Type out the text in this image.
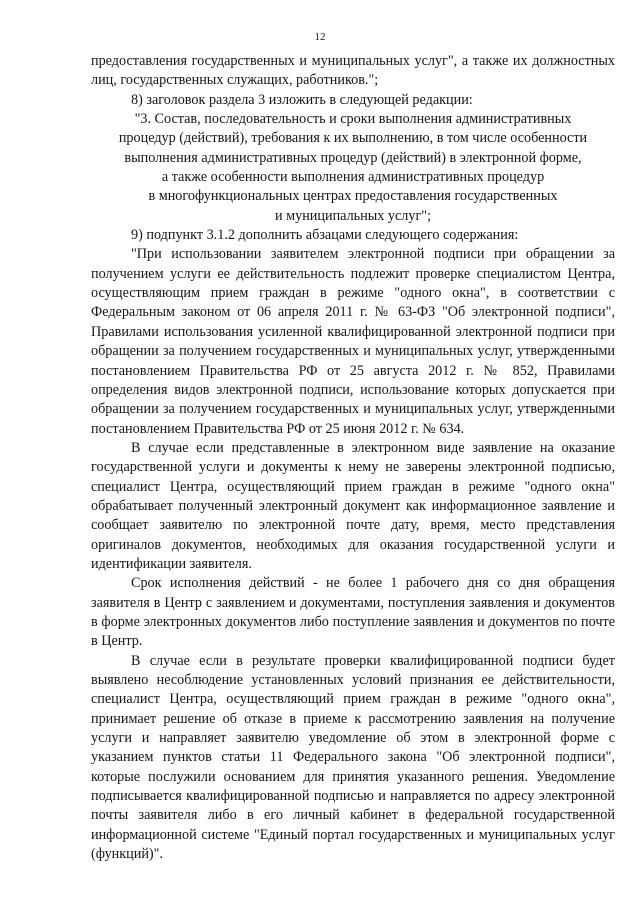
12

предоставления государственных и муниципальных услуг", а также их должностных лиц, государственных служащих, работников.";

8) заголовок раздела 3 изложить в следующей редакции:

"3. Состав, последовательность и сроки выполнения административных
процедур (действий), требования к их выполнению, в том числе особенности
выполнения административных процедур (действий) в электронной форме,
а также особенности выполнения административных процедур
в многофункциональных центрах предоставления государственных
и муниципальных услуг";

9) подпункт 3.1.2 дополнить абзацами следующего содержания:

"При использовании заявителем электронной подписи при обращении за получением услуги ее действительность подлежит проверке специалистом Центра, осуществляющим прием граждан в режиме "одного окна", в соответствии с Федеральным законом от 06 апреля 2011 г. № 63-ФЗ "Об электронной подписи", Правилами использования усиленной квалифицированной электронной подписи при обращении за получением государственных и муниципальных услуг, утвержденными постановлением Правительства РФ от 25 августа 2012 г. № 852, Правилами определения видов электронной подписи, использование которых допускается при обращении за получением государственных и муниципальных услуг, утвержденными постановлением Правительства РФ от 25 июня 2012 г. № 634.

В случае если представленные в электронном виде заявление на оказание государственной услуги и документы к нему не заверены электронной подписью, специалист Центра, осуществляющий прием граждан в режиме "одного окна" обрабатывает полученный электронный документ как информационное заявление и сообщает заявителю по электронной почте дату, время, место представления оригиналов документов, необходимых для оказания государственной услуги и идентификации заявителя.

Срок исполнения действий - не более 1 рабочего дня со дня обращения заявителя в Центр с заявлением и документами, поступления заявления и документов в форме электронных документов либо поступление заявления и документов по почте в Центр.

В случае если в результате проверки квалифицированной подписи будет выявлено несоблюдение установленных условий признания ее действительности, специалист Центра, осуществляющий прием граждан в режиме "одного окна", принимает решение об отказе в приеме к рассмотрению заявления на получение услуги и направляет заявителю уведомление об этом в электронной форме с указанием пунктов статьи 11 Федерального закона "Об электронной подписи", которые послужили основанием для принятия указанного решения. Уведомление подписывается квалифицированной подписью и направляется по адресу электронной почты заявителя либо в его личный кабинет в федеральной государственной информационной системе "Единый портал государственных и муниципальных услуг (функций)".
